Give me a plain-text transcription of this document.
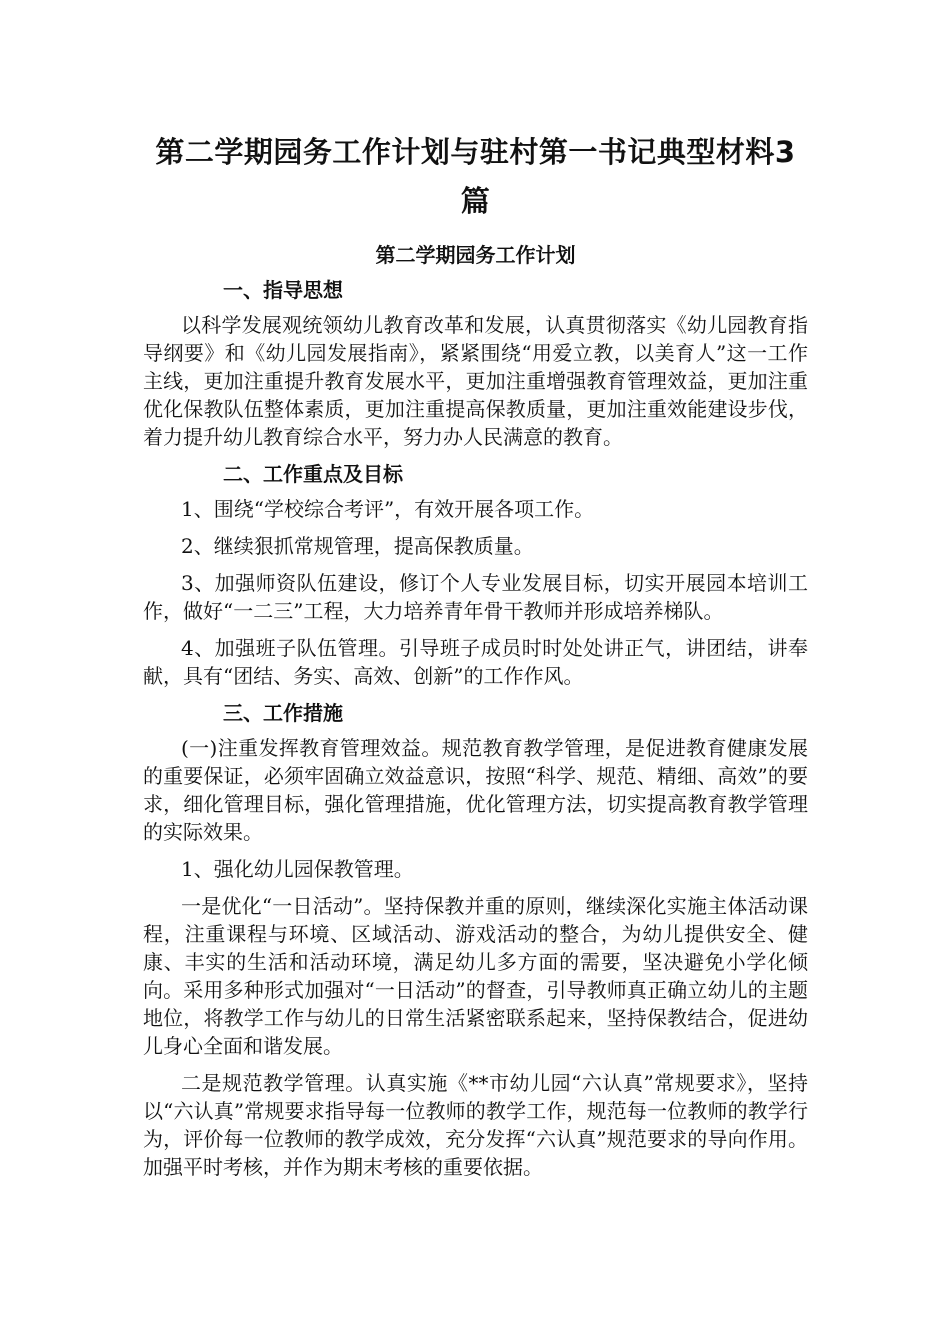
第二学期园务工作计划与驻村第一书记典型材料3篇
第二学期园务工作计划
一、指导思想

以科学发展观统领幼儿教育改革和发展，认真贯彻落实《幼儿园教育指导纲要》和《幼儿园发展指南》，紧紧围绕“用爱立教，以美育人”这一工作主线，更加注重提升教育发展水平，更加注重增强教育管理效益，更加注重优化保教队伍整体素质，更加注重提高保教质量，更加注重效能建设步伐，着力提升幼儿教育综合水平，努力办人民满意的教育。

二、工作重点及目标

1、围绕“学校综合考评”，有效开展各项工作。

2、继续狠抓常规管理，提高保教质量。

3、加强师资队伍建设，修订个人专业发展目标，切实开展园本培训工作，做好“一二三”工程，大力培养青年骨干教师并形成培养梯队。

4、加强班子队伍管理。引导班子成员时时处处讲正气，讲团结，讲奉献，具有“团结、务实、高效、创新”的工作作风。

三、工作措施

(一)注重发挥教育管理效益。规范教育教学管理，是促进教育健康发展的重要保证，必须牢固确立效益意识，按照“科学、规范、精细、高效”的要求，细化管理目标，强化管理措施，优化管理方法，切实提高教育教学管理的实际效果。

1、强化幼儿园保教管理。

一是优化“一日活动”。坚持保教并重的原则，继续深化实施主体活动课程，注重课程与环境、区域活动、游戏活动的整合，为幼儿提供安全、健康、丰实的生活和活动环境，满足幼儿多方面的需要，坚决避免小学化倾向。采用多种形式加强对“一日活动”的督查，引导教师真正确立幼儿的主题地位，将教学工作与幼儿的日常生活紧密联系起来，坚持保教结合，促进幼儿身心全面和谐发展。

二是规范教学管理。认真实施《**市幼儿园“六认真”常规要求》，坚持以“六认真”常规要求指导每一位教师的教学工作，规范每一位教师的教学行为，评价每一位教师的教学成效，充分发挥“六认真”规范要求的导向作用。加强平时考核，并作为期末考核的重要依据。
